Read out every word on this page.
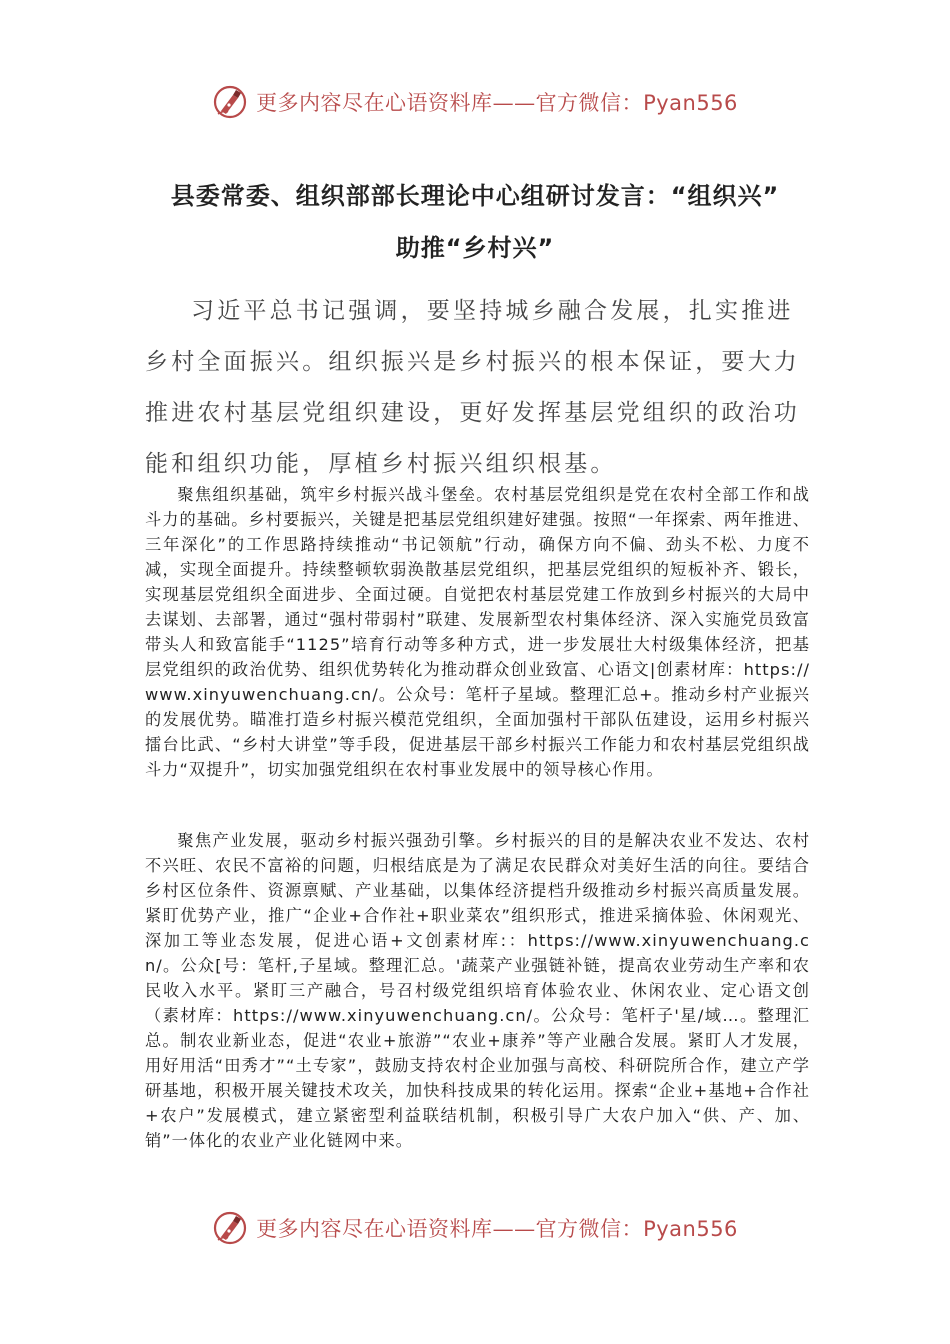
更多内容尽在心语资料库——官方微信：Pyan556
县委常委、组织部部长理论中心组研讨发言：“组织兴”
助推“乡村兴”

习近平总书记强调，要坚持城乡融合发展，扎实推进乡村全面振兴。组织振兴是乡村振兴的根本保证，要大力推进农村基层党组织建设，更好发挥基层党组织的政治功能和组织功能，厚植乡村振兴组织根基。

聚焦组织基础，筑牢乡村振兴战斗堡垒。农村基层党组织是党在农村全部工作和战斗力的基础。乡村要振兴，关键是把基层党组织建好建强。按照“一年探索、两年推进、三年深化”的工作思路持续推动“书记领航”行动，确保方向不偏、劲头不松、力度不减，实现全面提升。持续整顿软弱涣散基层党组织，把基层党组织的短板补齐、锻长，实现基层党组织全面进步、全面过硬。自觉把农村基层党建工作放到乡村振兴的大局中去谋划、去部署，通过“强村带弱村”联建、发展新型农村集体经济、深入实施党员致富带头人和致富能手“1125”培育行动等多种方式，进一步发展壮大村级集体经济，把基层党组织的政治优势、组织优势转化为推动群众创业致富、心语文|创素材库：https://www.xinyuwenchuang.cn/。公众号：笔杆子星域。整理汇总+。推动乡村产业振兴的发展优势。瞄准打造乡村振兴模范党组织，全面加强村干部队伍建设，运用乡村振兴擂台比武、“乡村大讲堂”等手段，促进基层干部乡村振兴工作能力和农村基层党组织战斗力“双提升”，切实加强党组织在农村事业发展中的领导核心作用。

聚焦产业发展，驱动乡村振兴强劲引擎。乡村振兴的目的是解决农业不发达、农村不兴旺、农民不富裕的问题，归根结底是为了满足农民群众对美好生活的向往。要结合乡村区位条件、资源禀赋、产业基础，以集体经济提档升级推动乡村振兴高质量发展。紧盯优势产业，推广“企业+合作社+职业菜农”组织形式，推进采摘体验、休闲观光、深加工等业态发展，促进心语+文创素材库:：https://www.xinyuwenchuang.cn/。公众[号：笔杆,子星域。整理汇总。'蔬菜产业强链补链，提高农业劳动生产率和农民收入水平。紧盯三产融合，号召村级党组织培育体验农业、休闲农业、定心语文创（素材库：https://www.xinyuwenchuang.cn/。公众号：笔杆子'星/域…。整理汇总。制农业新业态，促进“农业+旅游”“农业+康养”等产业融合发展。紧盯人才发展，用好用活“田秀才”“土专家”，鼓励支持农村企业加强与高校、科研院所合作，建立产学研基地，积极开展关键技术攻关，加快科技成果的转化运用。探索“企业+基地+合作社+农户”发展模式，建立紧密型利益联结机制，积极引导广大农户加入“供、产、加、销”一体化的农业产业化链网中来。

更多内容尽在心语资料库——官方微信：Pyan556
